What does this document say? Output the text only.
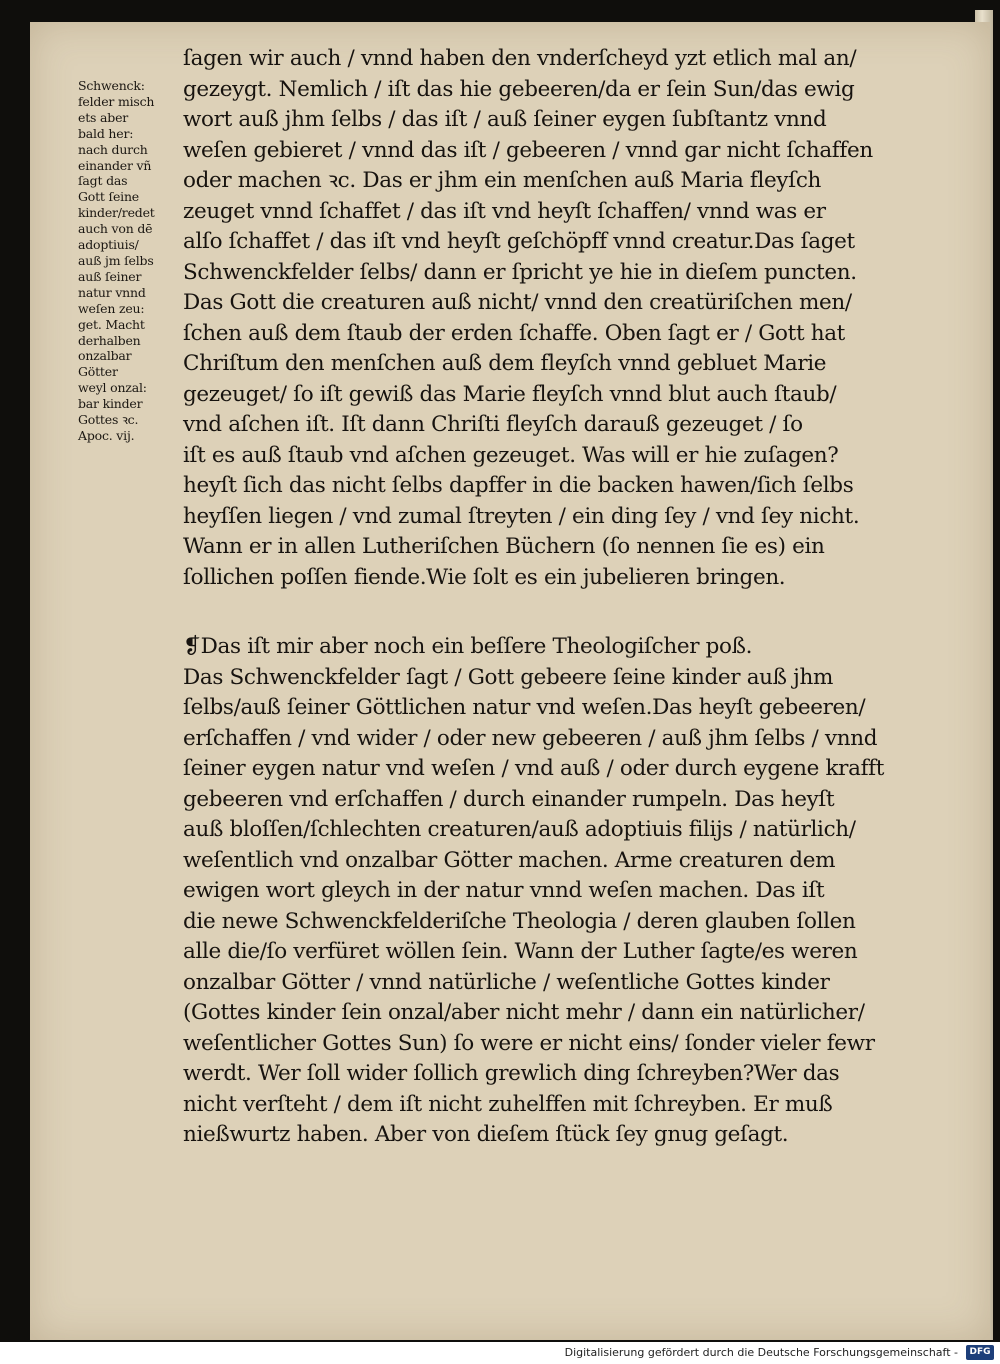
Schwenck:
felder misch
ets aber
bald her:
nach durch
einander vñ
ſagt das
Gott ſeine
kinder/redet
auch von dē
adoptiuis/
auß jm ſelbs
auß ſeiner
natur vnnd
weſen zeu:
get. Macht
derhalben
onzalbar
Götter
weyl onzal:
bar kinder
Gottes ꝛc.
Apoc. vij.
ſagen wir auch / vnnd haben den vnderſcheyd yzt etlich mal an/
gezeygt. Nemlich / iſt das hie gebeeren/da er ſein Sun/das ewig
wort auß jhm ſelbs / das iſt / auß ſeiner eygen ſubſtantz vnnd
weſen gebieret / vnnd das iſt / gebeeren / vnnd gar nicht ſchaffen
oder machen ꝛc. Das er jhm ein menſchen auß Maria fleyſch
zeuget vnnd ſchaffet / das iſt vnd heyſt ſchaffen/ vnnd was er
alſo ſchaffet / das iſt vnd heyſt geſchöpff vnnd creatur.Das ſaget
Schwenckfelder ſelbs/ dann er ſpricht ye hie in dieſem puncten.
Das Gott die creaturen auß nicht/ vnnd den creatüriſchen men/
ſchen auß dem ſtaub der erden ſchaffe. Oben ſagt er / Gott hat
Chriſtum den menſchen auß dem fleyſch vnnd gebluet Marie
gezeuget/ ſo iſt gewiß das Marie fleyſch vnnd blut auch ſtaub/
vnd aſchen iſt. Iſt dann Chriſti fleyſch darauß gezeuget / ſo
iſt es auß ſtaub vnd aſchen gezeuget. Was will er hie zuſagen?
heyſt ſich das nicht ſelbs dapffer in die backen hawen/ſich ſelbs
heyſſen liegen / vnd zumal ſtreyten / ein ding ſey / vnd ſey nicht.
Wann er in allen Lutheriſchen Büchern (ſo nennen ſie es) ein
ſollichen poſſen fiende.Wie ſolt es ein jubelieren bringen.
❡Das iſt mir aber noch ein beſſere Theologiſcher poß.
Das Schwenckfelder ſagt / Gott gebeere ſeine kinder auß jhm
ſelbs/auß ſeiner Göttlichen natur vnd weſen.Das heyſt gebeeren/
erſchaffen / vnd wider / oder new gebeeren / auß jhm ſelbs / vnnd
ſeiner eygen natur vnd weſen / vnd auß / oder durch eygene krafft
gebeeren vnd erſchaffen / durch einander rumpeln. Das heyſt
auß bloſſen/ſchlechten creaturen/auß adoptiuis filijs / natürlich/
weſentlich vnd onzalbar Götter machen. Arme creaturen dem
ewigen wort gleych in der natur vnnd weſen machen. Das iſt
die newe Schwenckfelderiſche Theologia / deren glauben ſollen
alle die/ſo verfüret wöllen ſein. Wann der Luther ſagte/es weren
onzalbar Götter / vnnd natürliche / weſentliche Gottes kinder
(Gottes kinder ſein onzal/aber nicht mehr / dann ein natürlicher/
weſentlicher Gottes Sun) ſo were er nicht eins/ ſonder vieler fewr
werdt. Wer ſoll wider ſollich grewlich ding ſchreyben?Wer das
nicht verſteht / dem iſt nicht zuhelffen mit ſchreyben. Er muß
nießwurtz haben. Aber von dieſem ſtück ſey gnug geſagt.
Digitalisierung gefördert durch die Deutsche Forschungsgemeinschaft -	DFG
